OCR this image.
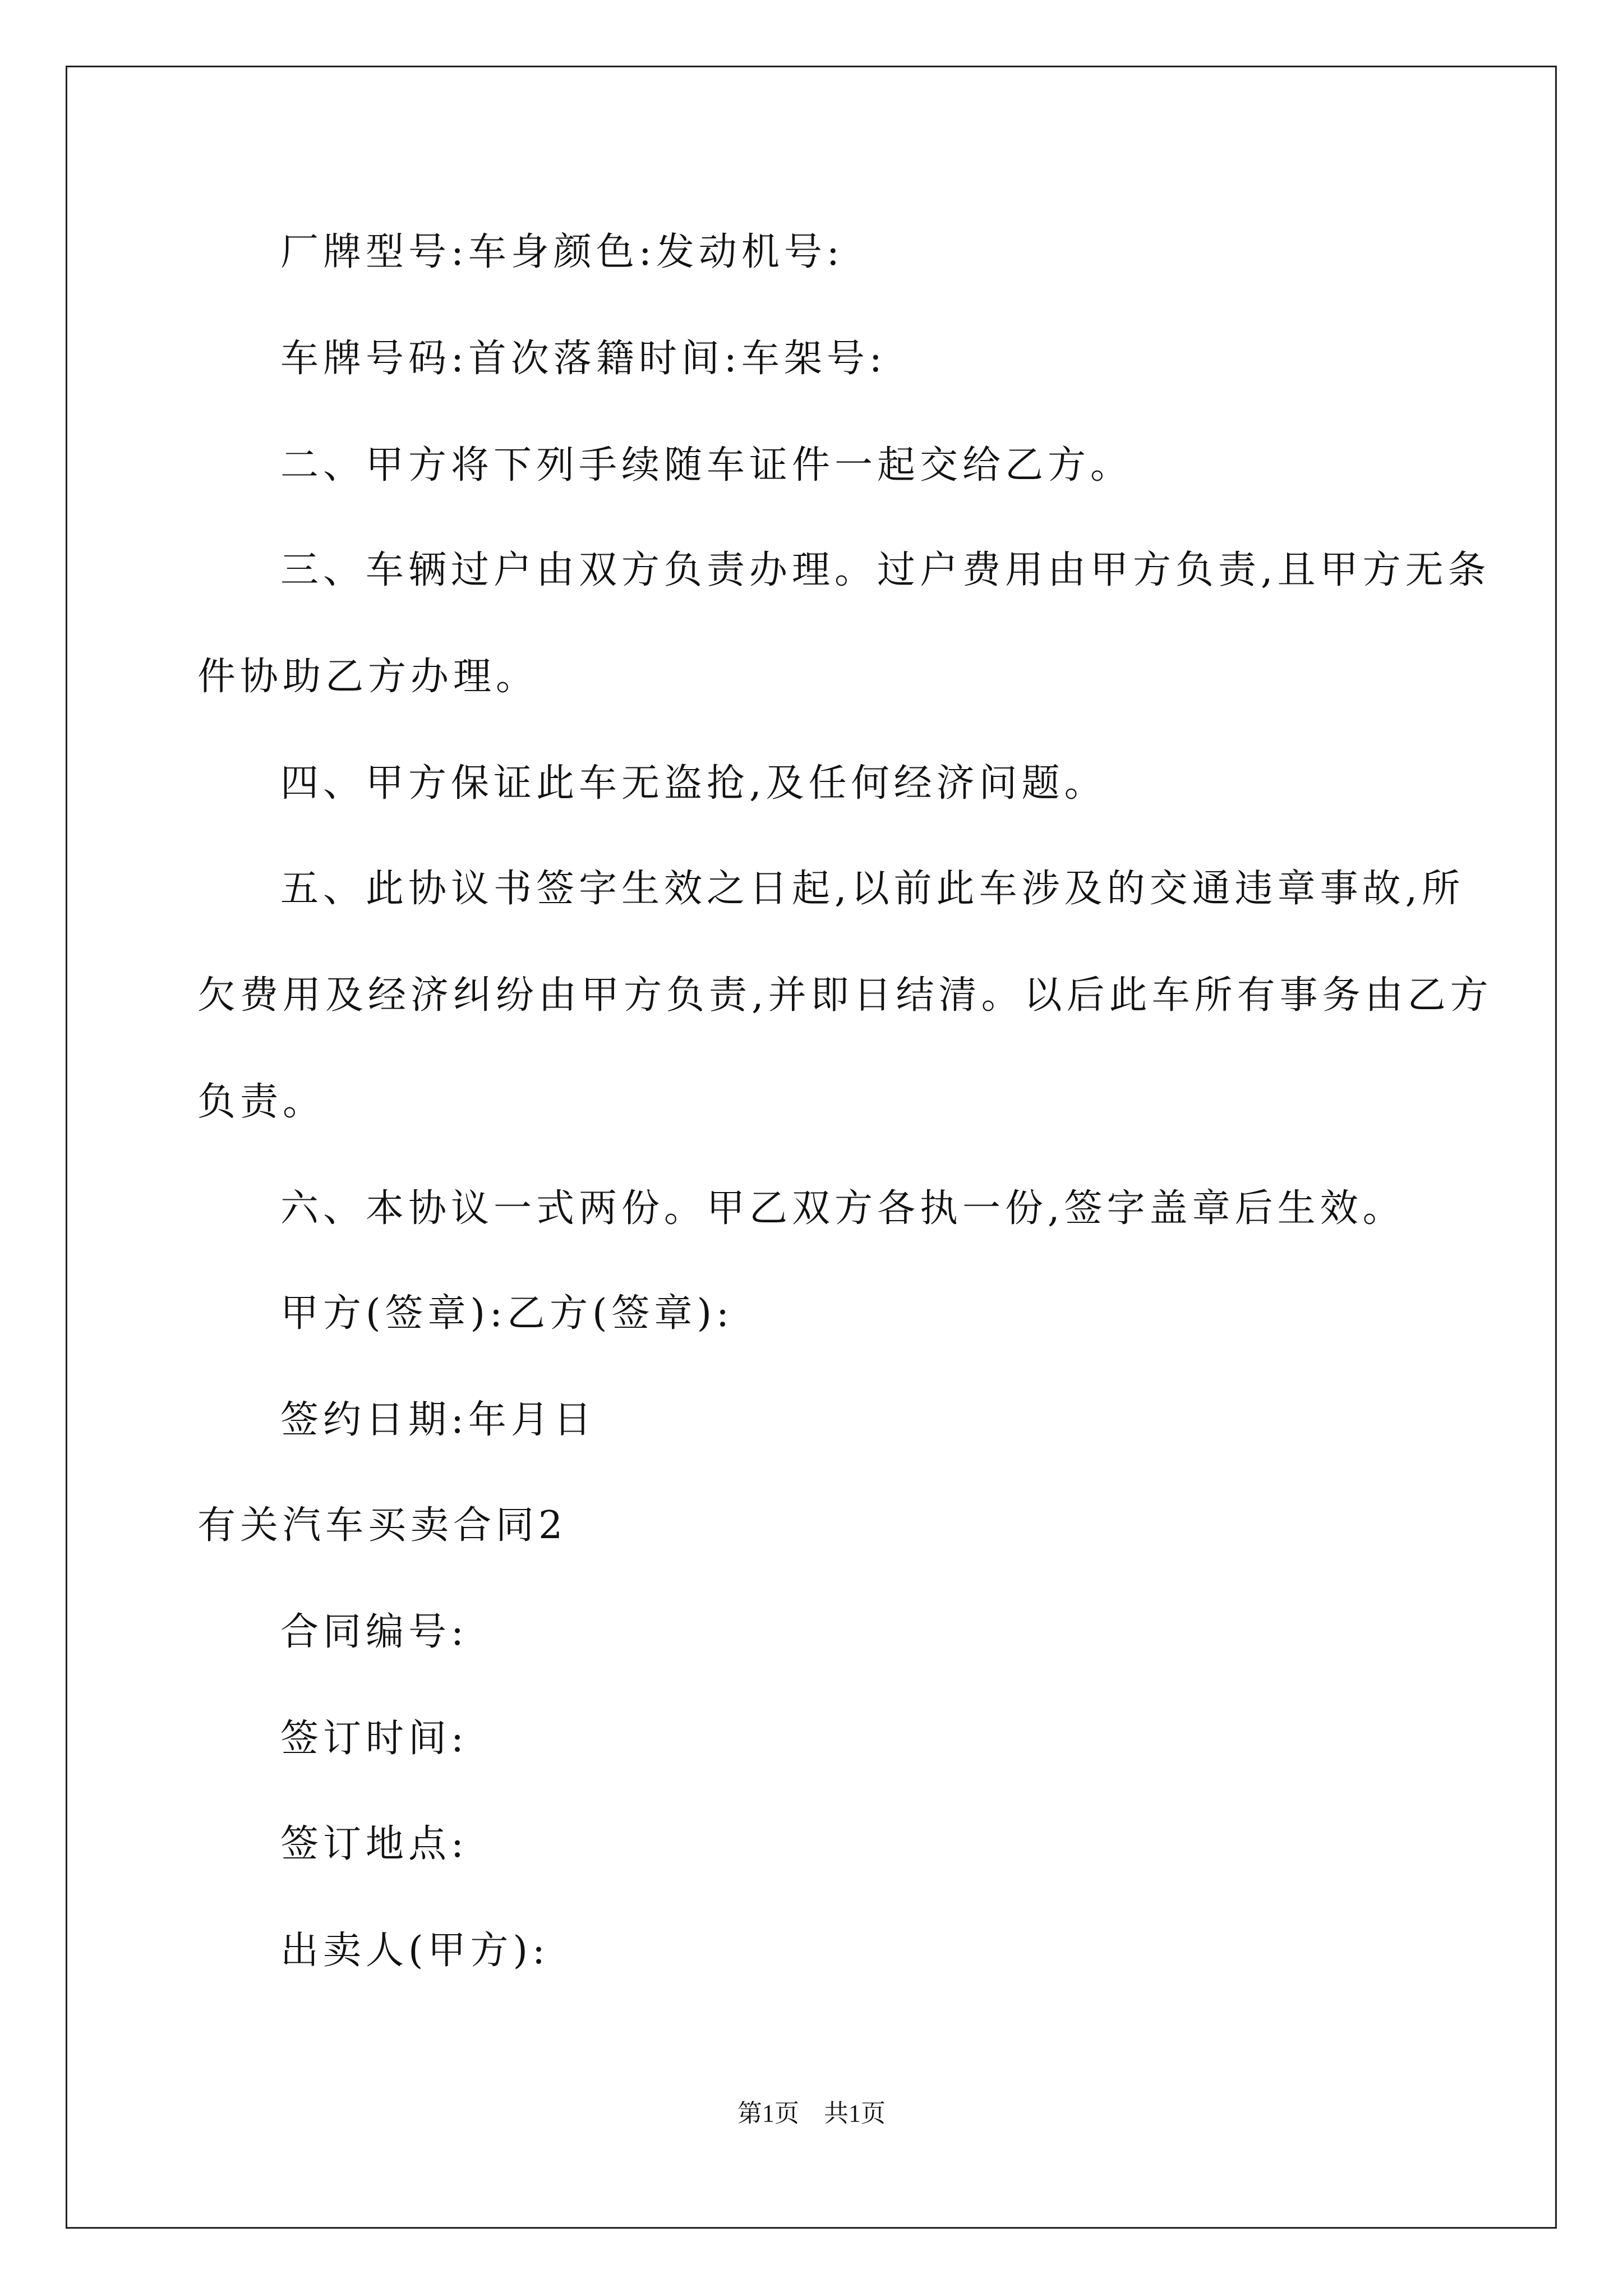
厂牌型号:车身颜色:发动机号:
车牌号码:首次落籍时间:车架号:
二、甲方将下列手续随车证件一起交给乙方。
三、车辆过户由双方负责办理。过户费用由甲方负责,且甲方无条
件协助乙方办理。
四、甲方保证此车无盗抢,及任何经济问题。
五、此协议书签字生效之日起,以前此车涉及的交通违章事故,所
欠费用及经济纠纷由甲方负责,并即日结清。以后此车所有事务由乙方
负责。
六、本协议一式两份。甲乙双方各执一份,签字盖章后生效。
甲方(签章):乙方(签章):
签约日期:年月日
有关汽车买卖合同2
合同编号:
签订时间:
签订地点:
出卖人(甲方):
第1页    共1页
